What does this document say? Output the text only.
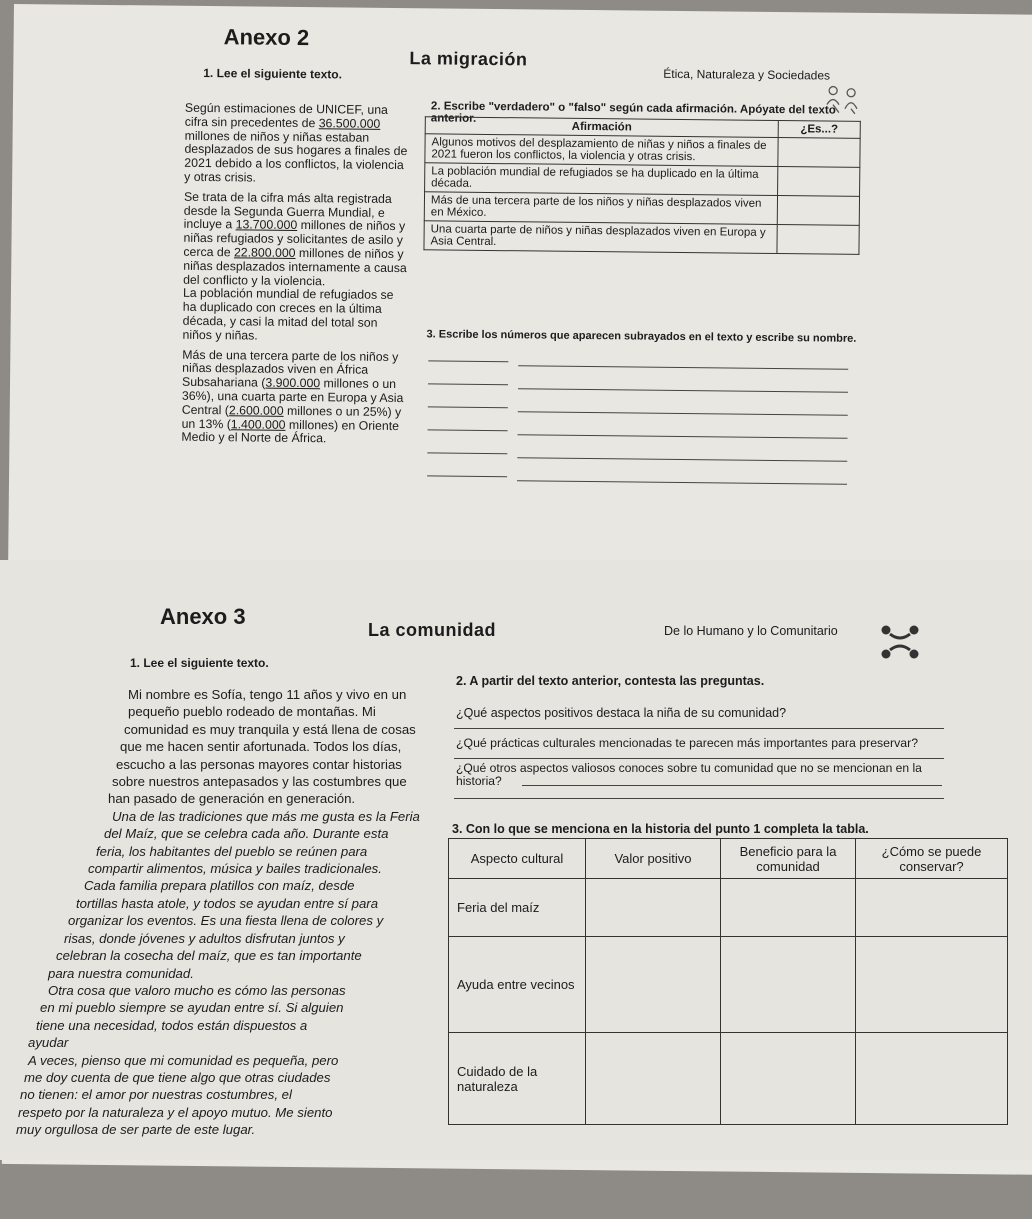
Anexo 2
La migración
Ética, Naturaleza y Sociedades
1. Lee el siguiente texto.
Según estimaciones de UNICEF, una
cifra sin precedentes de 36.500.000
millones de niños y niñas estaban
desplazados de sus hogares a finales de
2021 debido a los conflictos, la violencia
y otras crisis.
Se trata de la cifra más alta registrada
desde la Segunda Guerra Mundial, e
incluye a 13.700.000 millones de niños y
niñas refugiados y solicitantes de asilo y
cerca de 22.800.000 millones de niños y
niñas desplazados internamente a causa
del conflicto y la violencia.
La población mundial de refugiados se
ha duplicado con creces en la última
década, y casi la mitad del total son
niños y niñas.
Más de una tercera parte de los niños y
niñas desplazados viven en África
Subsahariana (3.900.000 millones o un
36%), una cuarta parte en Europa y Asia
Central (2.600.000 millones o un 25%) y
un 13% (1.400.000 millones) en Oriente
Medio y el Norte de África.
2. Escribe "verdadero" o "falso" según cada afirmación. Apóyate del texto anterior.
Afirmación	¿Es...?
Algunos motivos del desplazamiento de niñas y niños a finales de 2021 fueron los conflictos, la violencia y otras crisis.	
La población mundial de refugiados se ha duplicado en la última década.	
Más de una tercera parte de los niños y niñas desplazados viven en México.	
Una cuarta parte de niños y niñas desplazados viven en Europa y Asia Central.	
3. Escribe los números que aparecen subrayados en el texto y escribe su nombre.
Anexo 3
La comunidad	De lo Humano y lo Comunitario
1. Lee el siguiente texto.

Mi nombre es Sofía, tengo 11 años y vivo en un

pequeño pueblo rodeado de montañas. Mi

comunidad es muy tranquila y está llena de cosas

que me hacen sentir afortunada. Todos los días,

escucho a las personas mayores contar historias

sobre nuestros antepasados y las costumbres que

han pasado de generación en generación.

Una de las tradiciones que más me gusta es la Feria

del Maíz, que se celebra cada año. Durante esta

feria, los habitantes del pueblo se reúnen para

compartir alimentos, música y bailes tradicionales.

Cada familia prepara platillos con maíz, desde

tortillas hasta atole, y todos se ayudan entre sí para

organizar los eventos. Es una fiesta llena de colores y

risas, donde jóvenes y adultos disfrutan juntos y

celebran la cosecha del maíz, que es tan importante

para nuestra comunidad.

Otra cosa que valoro mucho es cómo las personas

en mi pueblo siempre se ayudan entre sí. Si alguien

tiene una necesidad, todos están dispuestos a

ayudar

A veces, pienso que mi comunidad es pequeña, pero

me doy cuenta de que tiene algo que otras ciudades

no tienen: el amor por nuestras costumbres, el

respeto por la naturaleza y el apoyo mutuo. Me siento

muy orgullosa de ser parte de este lugar.

2. A partir del texto anterior, contesta las preguntas.
¿Qué aspectos positivos destaca la niña de su comunidad?
¿Qué prácticas culturales mencionadas te parecen más importantes para preservar?
¿Qué otros aspectos valiosos conoces sobre tu comunidad que no se mencionan en la historia?
3. Con lo que se menciona en la historia del punto 1 completa la tabla.
Aspecto cultural	Valor positivo	Beneficio para la comunidad	¿Cómo se puede conservar?
Feria del maíz			
Ayuda entre vecinos			
Cuidado de la naturaleza			
